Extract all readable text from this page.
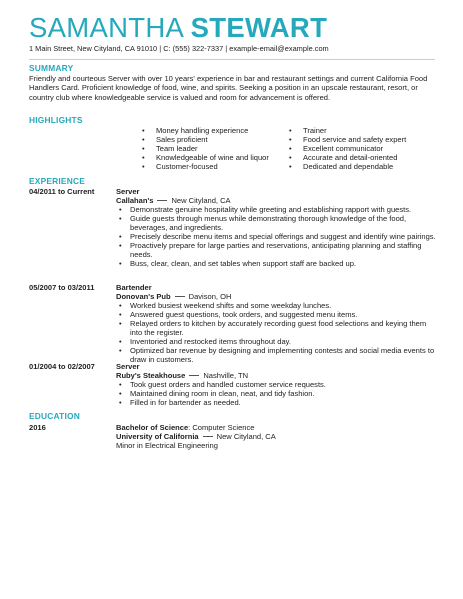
SAMANTHA STEWART
1 Main Street, New Cityland, CA 91010 | C: (555) 322-7337 | example-email@example.com
SUMMARY
Friendly and courteous Server with over 10 years' experience in bar and restaurant settings and current California Food Handlers Card. Proficient knowledge of food, wine, and spirits. Seeking a position in an upscale restaurant, resort, or country club where knowledgeable service is valued and room for advancement is offered.
HIGHLIGHTS
• Money handling experience
• Sales proficient
• Team leader
• Knowledgeable of wine and liquor
• Customer-focused
• Trainer
• Food service and safety expert
• Excellent communicator
• Accurate and detail-oriented
• Dedicated and dependable
EXPERIENCE
04/2011 to Current	Server
Callahan's New Cityland, CA
• Demonstrate genuine hospitality while greeting and establishing rapport with guests.
• Guide guests through menus while demonstrating thorough knowledge of the food, beverages, and ingredients.
• Precisely describe menu items and special offerings and suggest and identify wine pairings.
• Proactively prepare for large parties and reservations, anticipating planning and staffing needs.
• Buss, clear, clean, and set tables when support staff are backed up.
05/2007 to 03/2011	Bartender
Donovan's Pub Davison, OH
• Worked busiest weekend shifts and some weekday lunches.
• Answered guest questions, took orders, and suggested menu items.
• Relayed orders to kitchen by accurately recording guest food selections and keying them into the register.
• Inventoried and restocked items throughout day.
• Optimized bar revenue by designing and implementing contests and social media events to draw in customers.
01/2004 to 02/2007	Server
Ruby's Steakhouse Nashville, TN
• Took guest orders and handled customer service requests.
• Maintained dining room in clean, neat, and tidy fashion.
• Filled in for bartender as needed.
EDUCATION
2016	Bachelor of Science: Computer Science
University of California New Cityland, CA
Minor in Electrical Engineering
